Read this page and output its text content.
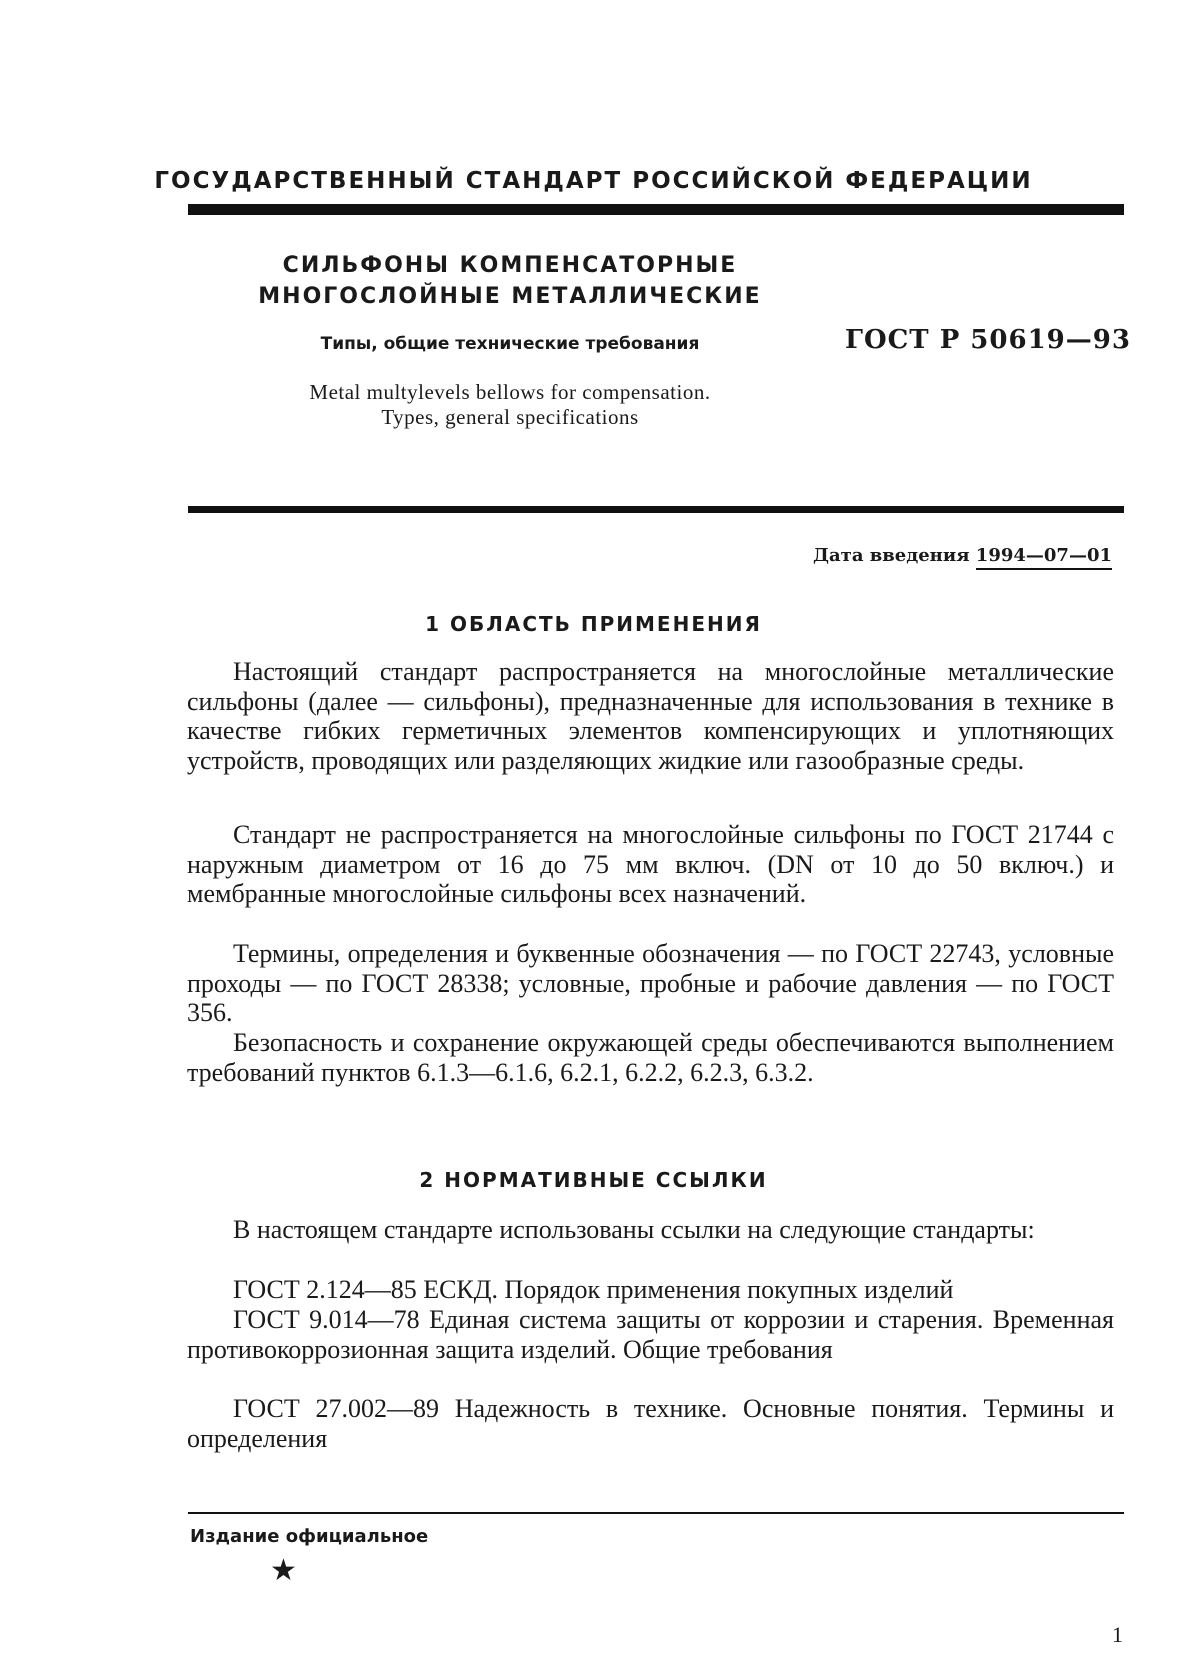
ГОСУДАРСТВЕННЫЙ СТАНДАРТ РОССИЙСКОЙ ФЕДЕРАЦИИ
СИЛЬФОНЫ КОМПЕНСАТОРНЫЕ
МНОГОСЛОЙНЫЕ МЕТАЛЛИЧЕСКИЕ
Типы, общие технические требования	ГОСТ Р 50619—93
Metal multylevels bellows for compensation.
Types, general specifications
Дата введения 1994—07—01
1 ОБЛАСТЬ ПРИМЕНЕНИЯ
Настоящий стандарт распространяется на многослойные металлические сильфоны (далее — сильфоны), предназначенные для использования в технике в качестве гибких герметичных элементов компенсирующих и уплотняющих устройств, проводящих или разделяющих жидкие или газообразные среды.
Стандарт не распространяется на многослойные сильфоны по ГОСТ 21744 с наружным диаметром от 16 до 75 мм включ. (DN от 10 до 50 включ.) и мембранные многослойные сильфоны всех назначений.
Термины, определения и буквенные обозначения — по ГОСТ 22743, условные проходы — по ГОСТ 28338; условные, пробные и рабочие давления — по ГОСТ 356.
Безопасность и сохранение окружающей среды обеспечиваются выполнением требований пунктов 6.1.3—6.1.6, 6.2.1, 6.2.2, 6.2.3, 6.3.2.
2 НОРМАТИВНЫЕ ССЫЛКИ
В настоящем стандарте использованы ссылки на следующие стандарты:
ГОСТ 2.124—85 ЕСКД. Порядок применения покупных изделий
ГОСТ 9.014—78 Единая система защиты от коррозии и старения. Временная противокоррозионная защита изделий. Общие требования
ГОСТ 27.002—89 Надежность в технике. Основные понятия. Термины и определения
Издание официальное
★
1
